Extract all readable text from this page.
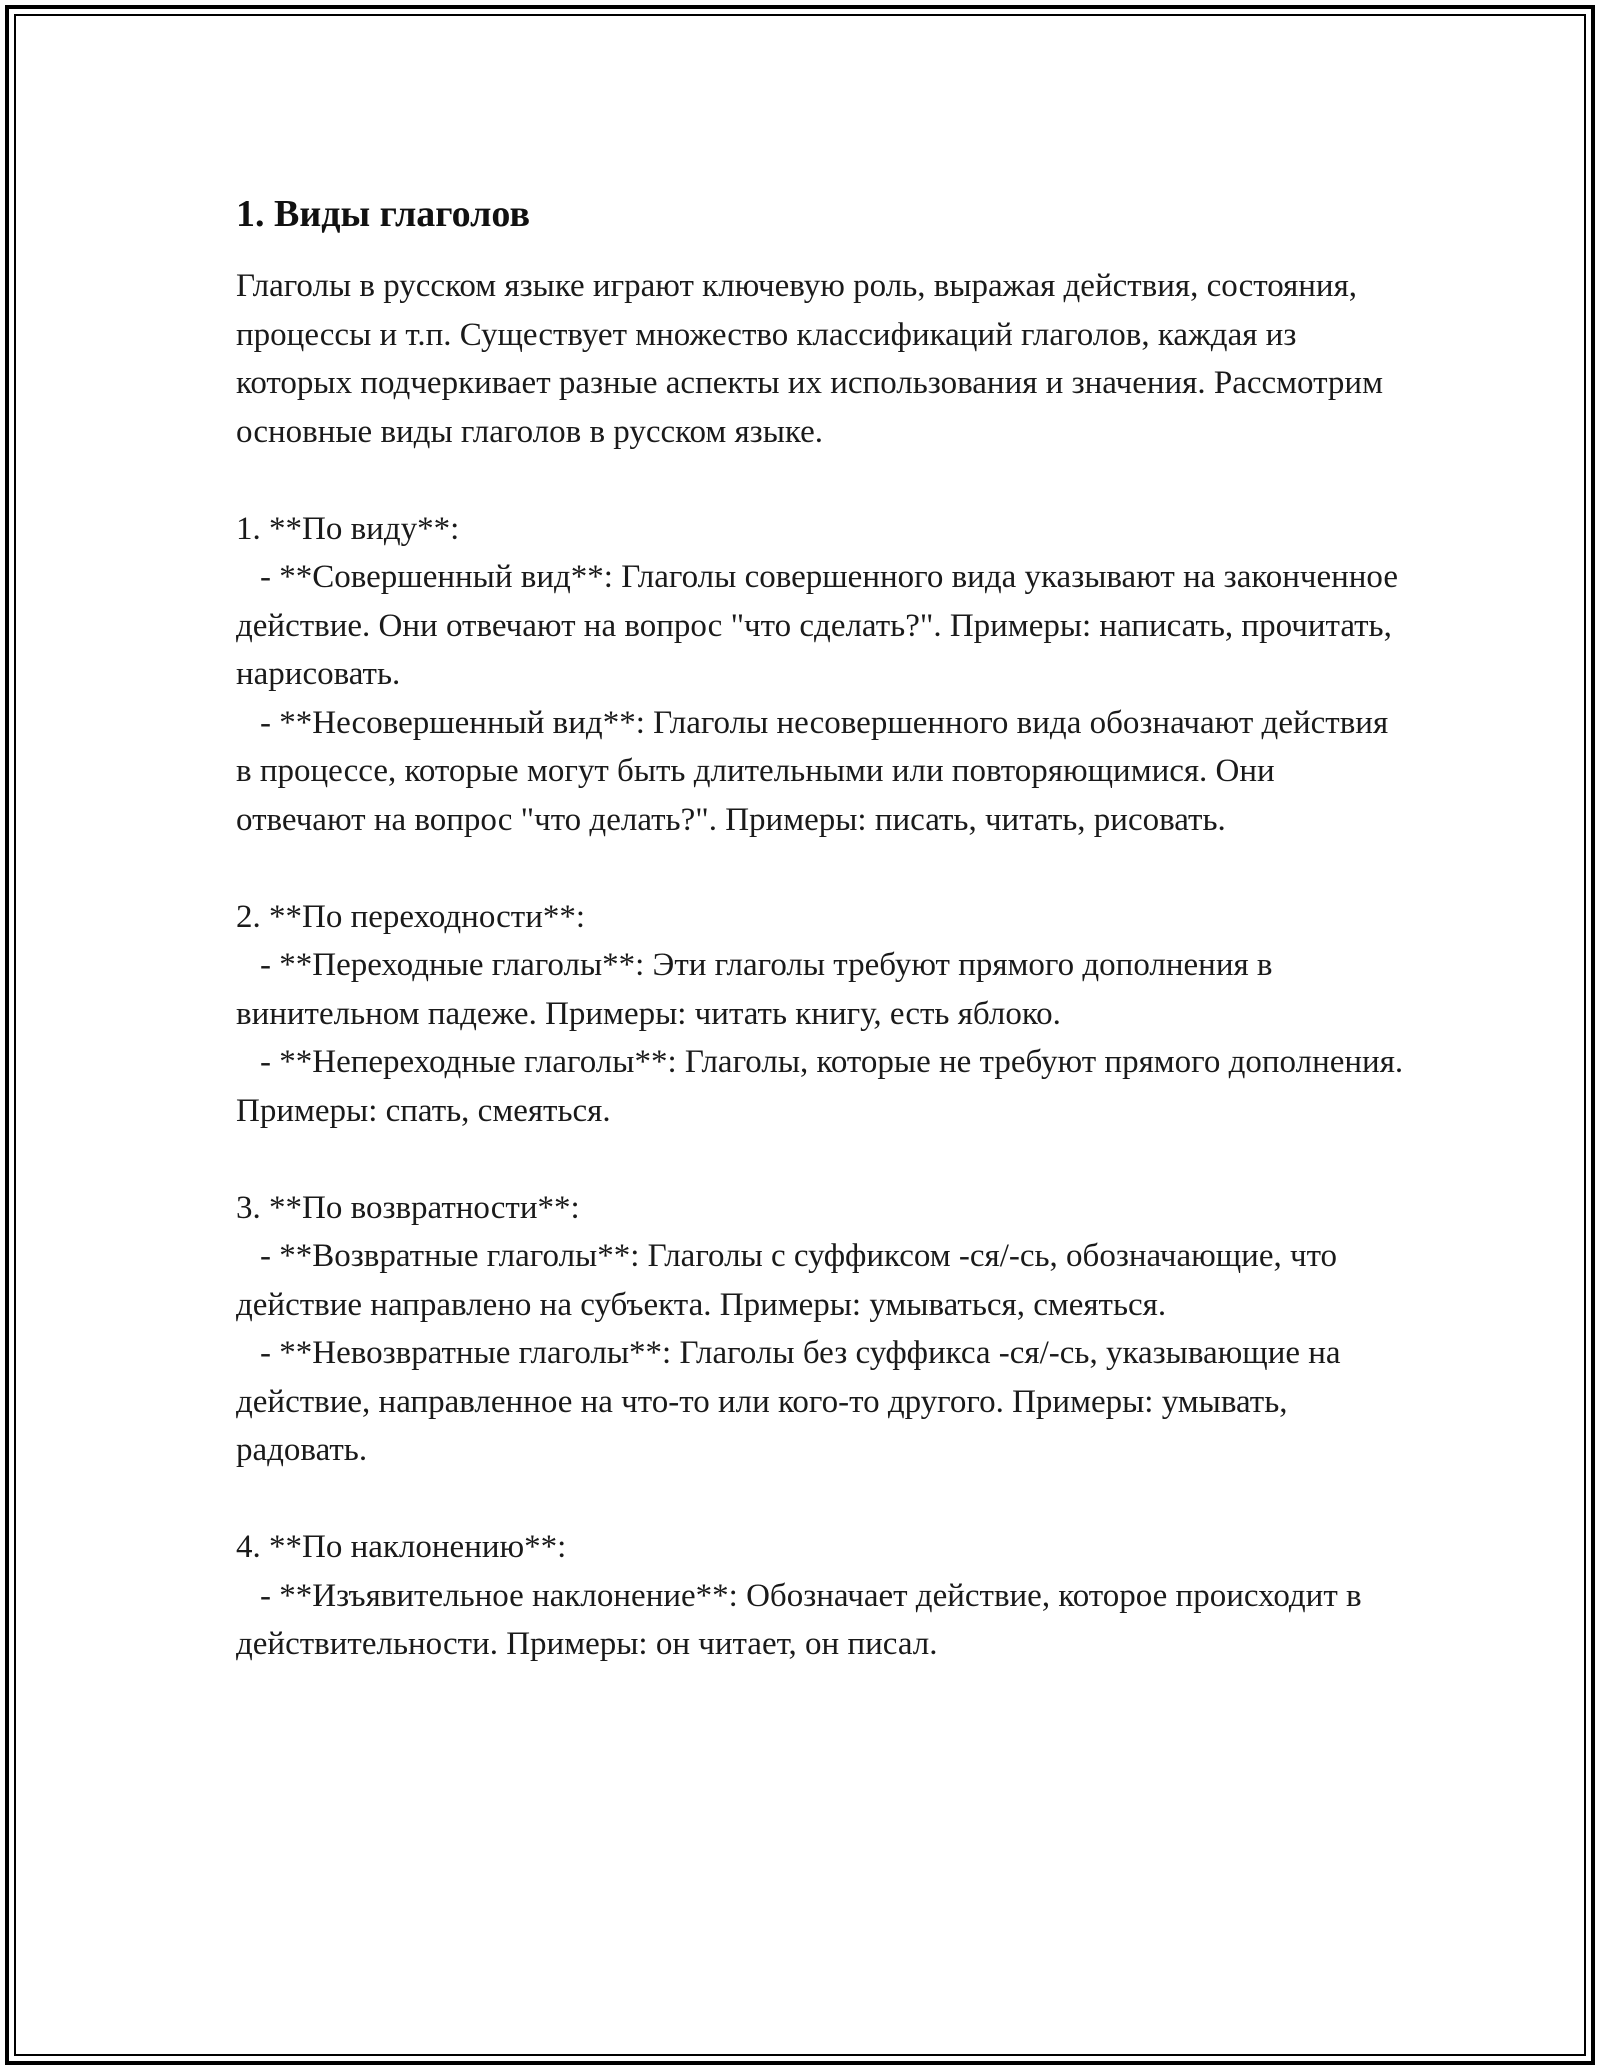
1. Виды глаголов

Глаголы в русском языке играют ключевую роль, выражая действия, состояния, процессы и т.п. Существует множество классификаций глаголов, каждая из которых подчеркивает разные аспекты их использования и значения. Рассмотрим основные виды глаголов в русском языке.

1. **По виду**:
- **Совершенный вид**: Глаголы совершенного вида указывают на законченное действие. Они отвечают на вопрос "что сделать?". Примеры: написать, прочитать, нарисовать.
- **Несовершенный вид**: Глаголы несовершенного вида обозначают действия в процессе, которые могут быть длительными или повторяющимися. Они отвечают на вопрос "что делать?". Примеры: писать, читать, рисовать.
2. **По переходности**:
- **Переходные глаголы**: Эти глаголы требуют прямого дополнения в винительном падеже. Примеры: читать книгу, есть яблоко.
- **Непереходные глаголы**: Глаголы, которые не требуют прямого дополнения. Примеры: спать, смеяться.
3. **По возвратности**:
- **Возвратные глаголы**: Глаголы с суффиксом -ся/-сь, обозначающие, что действие направлено на субъекта. Примеры: умываться, смеяться.
- **Невозвратные глаголы**: Глаголы без суффикса -ся/-сь, указывающие на действие, направленное на что-то или кого-то другого. Примеры: умывать, радовать.
4. **По наклонению**:
- **Изъявительное наклонение**: Обозначает действие, которое происходит в действительности. Примеры: он читает, он писал.
